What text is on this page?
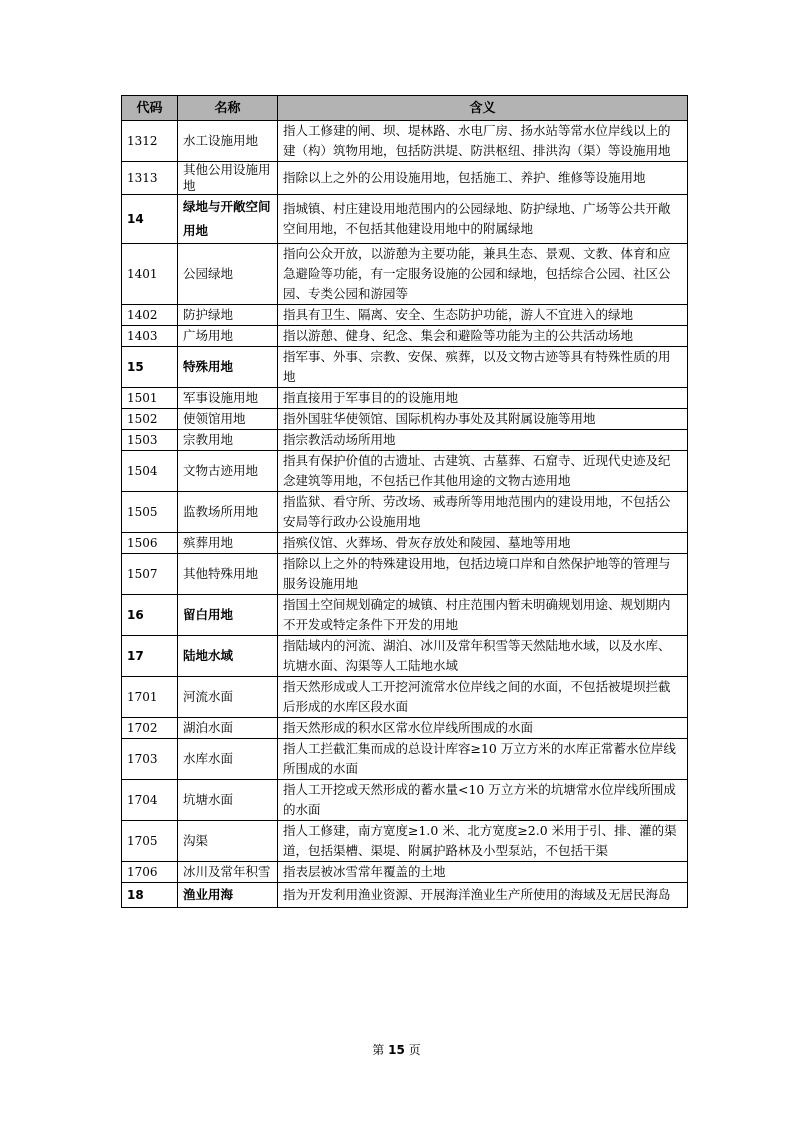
代码	名称	含义
1312	水工设施用地	指人工修建的闸、坝、堤林路、水电厂房、扬水站等常水位岸线以上的建（构）筑物用地，包括防洪堤、防洪枢纽、排洪沟（渠）等设施用地
1313	其他公用设施用地	指除以上之外的公用设施用地，包括施工、养护、维修等设施用地
14	绿地与开敞空间用地	指城镇、村庄建设用地范围内的公园绿地、防护绿地、广场等公共开敞空间用地，不包括其他建设用地中的附属绿地
1401	公园绿地	指向公众开放，以游憩为主要功能，兼具生态、景观、文教、体育和应急避险等功能，有一定服务设施的公园和绿地，包括综合公园、社区公园、专类公园和游园等
1402	防护绿地	指具有卫生、隔离、安全、生态防护功能，游人不宜进入的绿地
1403	广场用地	指以游憩、健身、纪念、集会和避险等功能为主的公共活动场地
15	特殊用地	指军事、外事、宗教、安保、殡葬，以及文物古迹等具有特殊性质的用地
1501	军事设施用地	指直接用于军事目的的设施用地
1502	使领馆用地	指外国驻华使领馆、国际机构办事处及其附属设施等用地
1503	宗教用地	指宗教活动场所用地
1504	文物古迹用地	指具有保护价值的古遗址、古建筑、古墓葬、石窟寺、近现代史迹及纪念建筑等用地，不包括已作其他用途的文物古迹用地
1505	监教场所用地	指监狱、看守所、劳改场、戒毒所等用地范围内的建设用地，不包括公安局等行政办公设施用地
1506	殡葬用地	指殡仪馆、火葬场、骨灰存放处和陵园、墓地等用地
1507	其他特殊用地	指除以上之外的特殊建设用地，包括边境口岸和自然保护地等的管理与服务设施用地
16	留白用地	指国土空间规划确定的城镇、村庄范围内暂未明确规划用途、规划期内不开发或特定条件下开发的用地
17	陆地水域	指陆域内的河流、湖泊、冰川及常年积雪等天然陆地水域，以及水库、坑塘水面、沟渠等人工陆地水域
1701	河流水面	指天然形成或人工开挖河流常水位岸线之间的水面，不包括被堤坝拦截后形成的水库区段水面
1702	湖泊水面	指天然形成的积水区常水位岸线所围成的水面
1703	水库水面	指人工拦截汇集而成的总设计库容≥10 万立方米的水库正常蓄水位岸线所围成的水面
1704	坑塘水面	指人工开挖或天然形成的蓄水量<10 万立方米的坑塘常水位岸线所围成的水面
1705	沟渠	指人工修建，南方宽度≥1.0 米、北方宽度≥2.0 米用于引、排、灌的渠道，包括渠槽、渠堤、附属护路林及小型泵站，不包括干渠
1706	冰川及常年积雪	指表层被冰雪常年覆盖的土地
18	渔业用海	指为开发利用渔业资源、开展海洋渔业生产所使用的海域及无居民海岛
第 15 页
